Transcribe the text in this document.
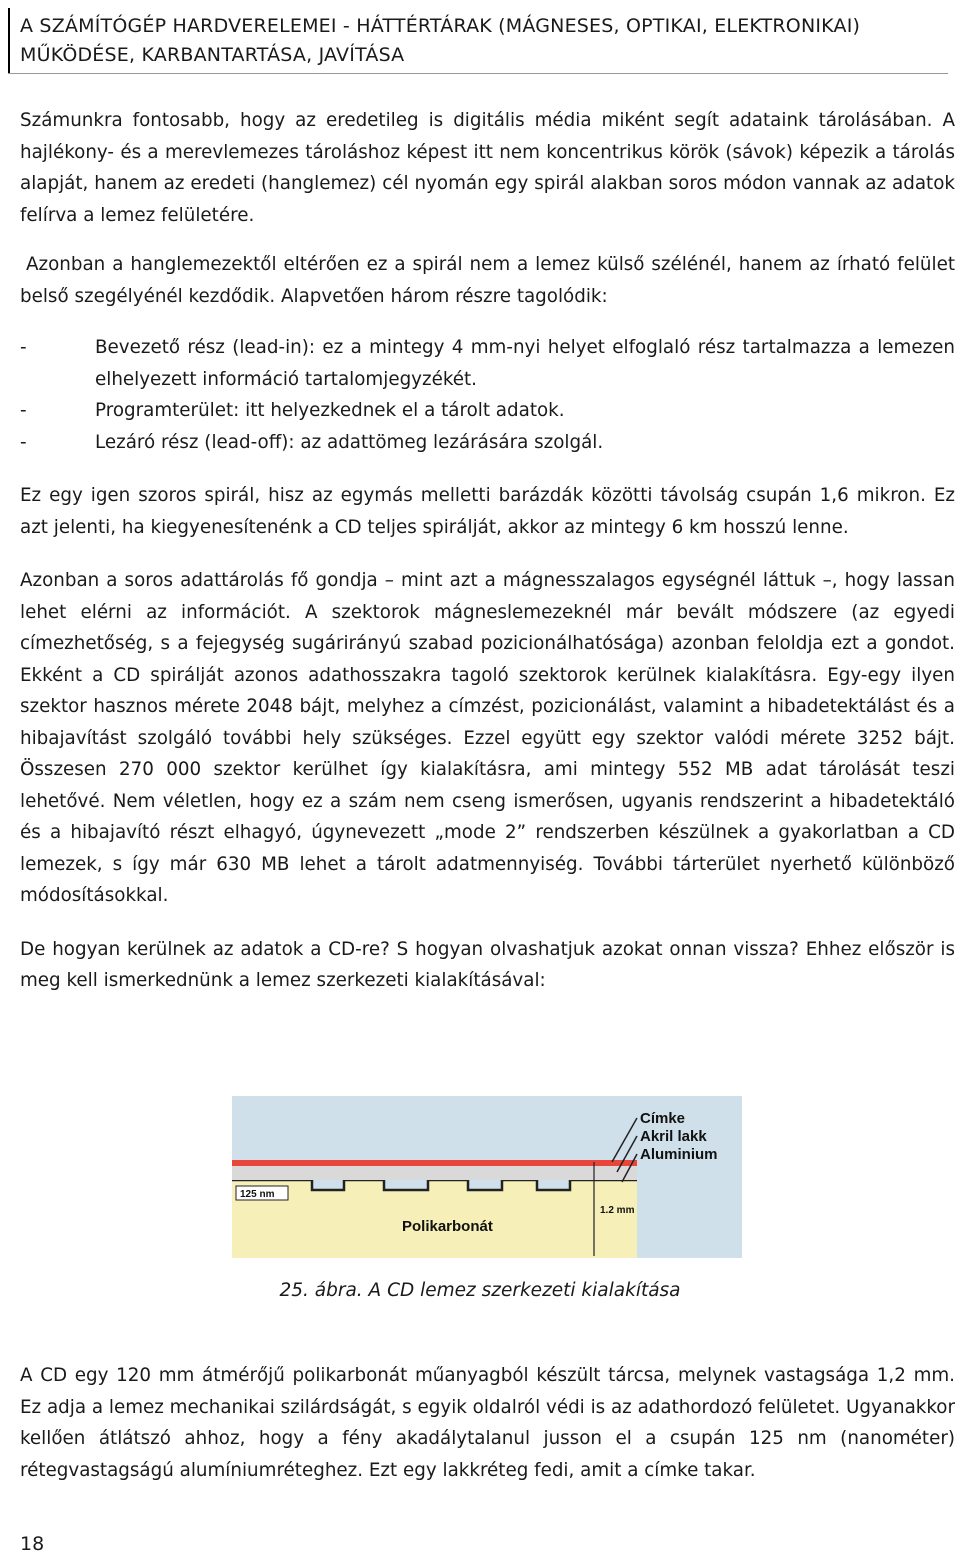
A SZÁMÍTÓGÉP HARDVERELEMEI - HÁTTÉRTÁRAK (MÁGNESES, OPTIKAI, ELEKTRONIKAI)
MŰKÖDÉSE, KARBANTARTÁSA, JAVÍTÁSA

Számunkra fontosabb, hogy az eredetileg is digitális média miként segít adataink tárolásában. A hajlékony- és a merevlemezes tároláshoz képest itt nem koncentrikus körök (sávok) képezik a tárolás alapját, hanem az eredeti (hanglemez) cél nyomán egy spirál alakban soros módon vannak az adatok felírva a lemez felületére.

Azonban a hanglemezektől eltérően ez a spirál nem a lemez külső szélénél, hanem az írható felület belső szegélyénél kezdődik. Alapvetően három részre tagolódik:

-	Bevezető rész (lead-in): ez a mintegy 4 mm-nyi helyet elfoglaló rész tartalmazza a lemezen elhelyezett információ tartalomjegyzékét.
-	Programterület: itt helyezkednek el a tárolt adatok.
-	Lezáró rész (lead-off): az adattömeg lezárására szolgál.

Ez egy igen szoros spirál, hisz az egymás melletti barázdák közötti távolság csupán 1,6 mikron. Ez azt jelenti, ha kiegyenesítenénk a CD teljes spirálját, akkor az mintegy 6 km hosszú lenne.

Azonban a soros adattárolás fő gondja – mint azt a mágnesszalagos egységnél láttuk –, hogy lassan lehet elérni az információt. A szektorok mágneslemezeknél már bevált módszere (az egyedi címezhetőség, s a fejegység sugárirányú szabad pozicionálhatósága) azonban feloldja ezt a gondot. Ekként a CD spirálját azonos adathosszakra tagoló szektorok kerülnek kialakításra. Egy-egy ilyen szektor hasznos mérete 2048 bájt, melyhez a címzést, pozicionálást, valamint a hibadetektálást és a hibajavítást szolgáló további hely szükséges. Ezzel együtt egy szektor valódi mérete 3252 bájt. Összesen 270 000 szektor kerülhet így kialakításra, ami mintegy 552 MB adat tárolását teszi lehetővé. Nem véletlen, hogy ez a szám nem cseng ismerősen, ugyanis rendszerint a hibadetektáló és a hibajavító részt elhagyó, úgynevezett „mode 2” rendszerben készülnek a gyakorlatban a CD lemezek, s így már 630 MB lehet a tárolt adatmennyiség. További tárterület nyerhető különböző módosításokkal.

De hogyan kerülnek az adatok a CD-re? S hogyan olvashatjuk azokat onnan vissza? Ehhez először is meg kell ismerkednünk a lemez szerkezeti kialakításával:

125 nm
1.2 mm
Címke
Akril lakk
Aluminium
Polikarbonát
25. ábra. A CD lemez szerkezeti kialakítása

A CD egy 120 mm átmérőjű polikarbonát műanyagból készült tárcsa, melynek vastagsága 1,2 mm. Ez adja a lemez mechanikai szilárdságát, s egyik oldalról védi is az adathordozó felületet. Ugyanakkor kellően átlátszó ahhoz, hogy a fény akadálytalanul jusson el a csupán 125 nm (nanométer) rétegvastagságú alumíniumréteghez. Ezt egy lakkréteg fedi, amit a címke takar.

18
